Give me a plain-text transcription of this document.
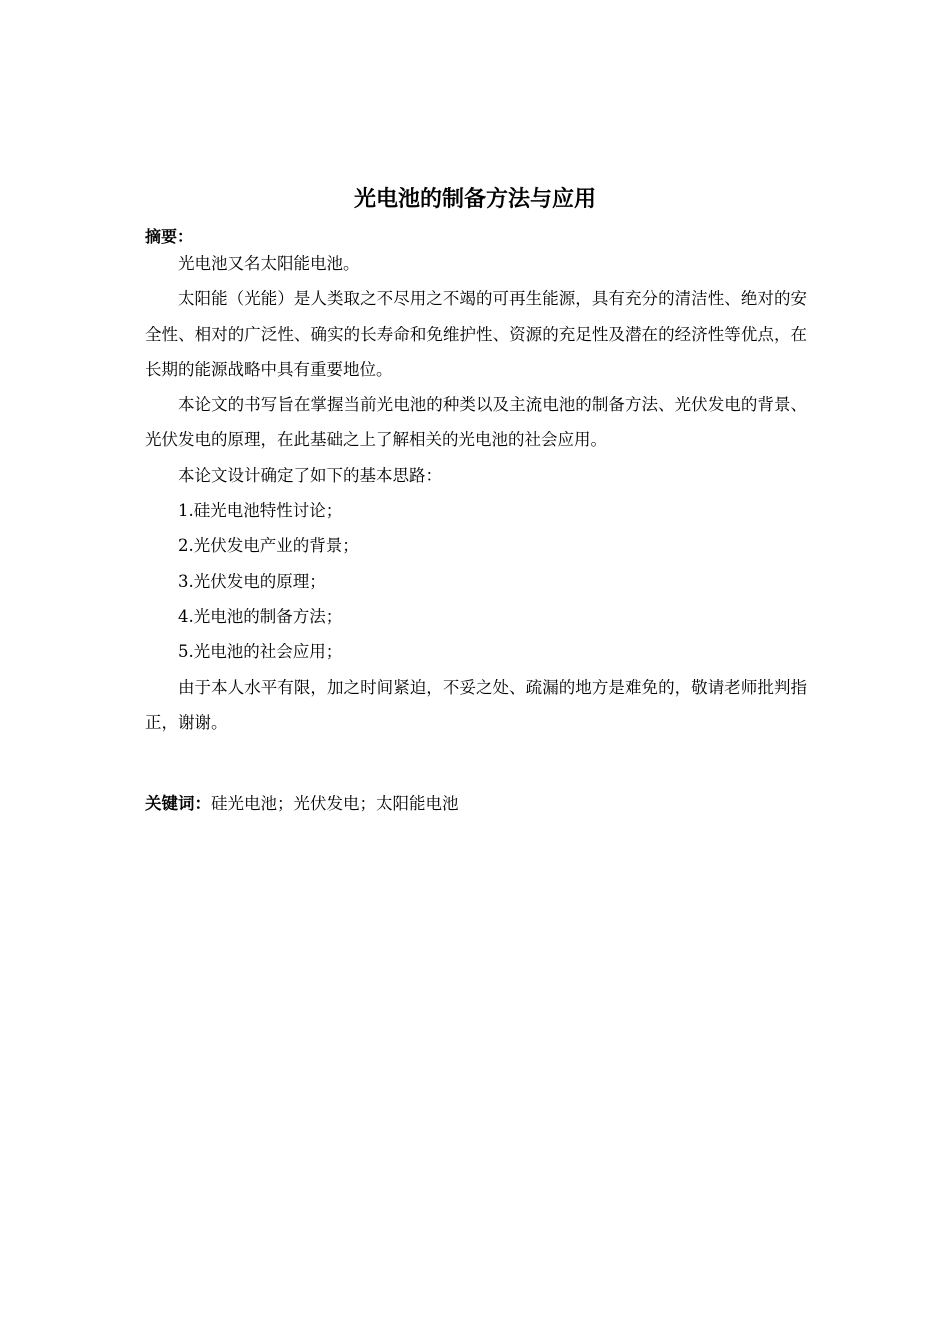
光电池的制备方法与应用
摘要：

光电池又名太阳能电池。

太阳能（光能）是人类取之不尽用之不竭的可再生能源，具有充分的清洁性、绝对的安全性、相对的广泛性、确实的长寿命和免维护性、资源的充足性及潜在的经济性等优点，在长期的能源战略中具有重要地位。

本论文的书写旨在掌握当前光电池的种类以及主流电池的制备方法、光伏发电的背景、光伏发电的原理，在此基础之上了解相关的光电池的社会应用。

本论文设计确定了如下的基本思路：

1.硅光电池特性讨论；

2.光伏发电产业的背景；

3.光伏发电的原理；

4.光电池的制备方法；

5.光电池的社会应用；

由于本人水平有限，加之时间紧迫，不妥之处、疏漏的地方是难免的，敬请老师批判指正，谢谢。

关键词：硅光电池；光伏发电；太阳能电池
